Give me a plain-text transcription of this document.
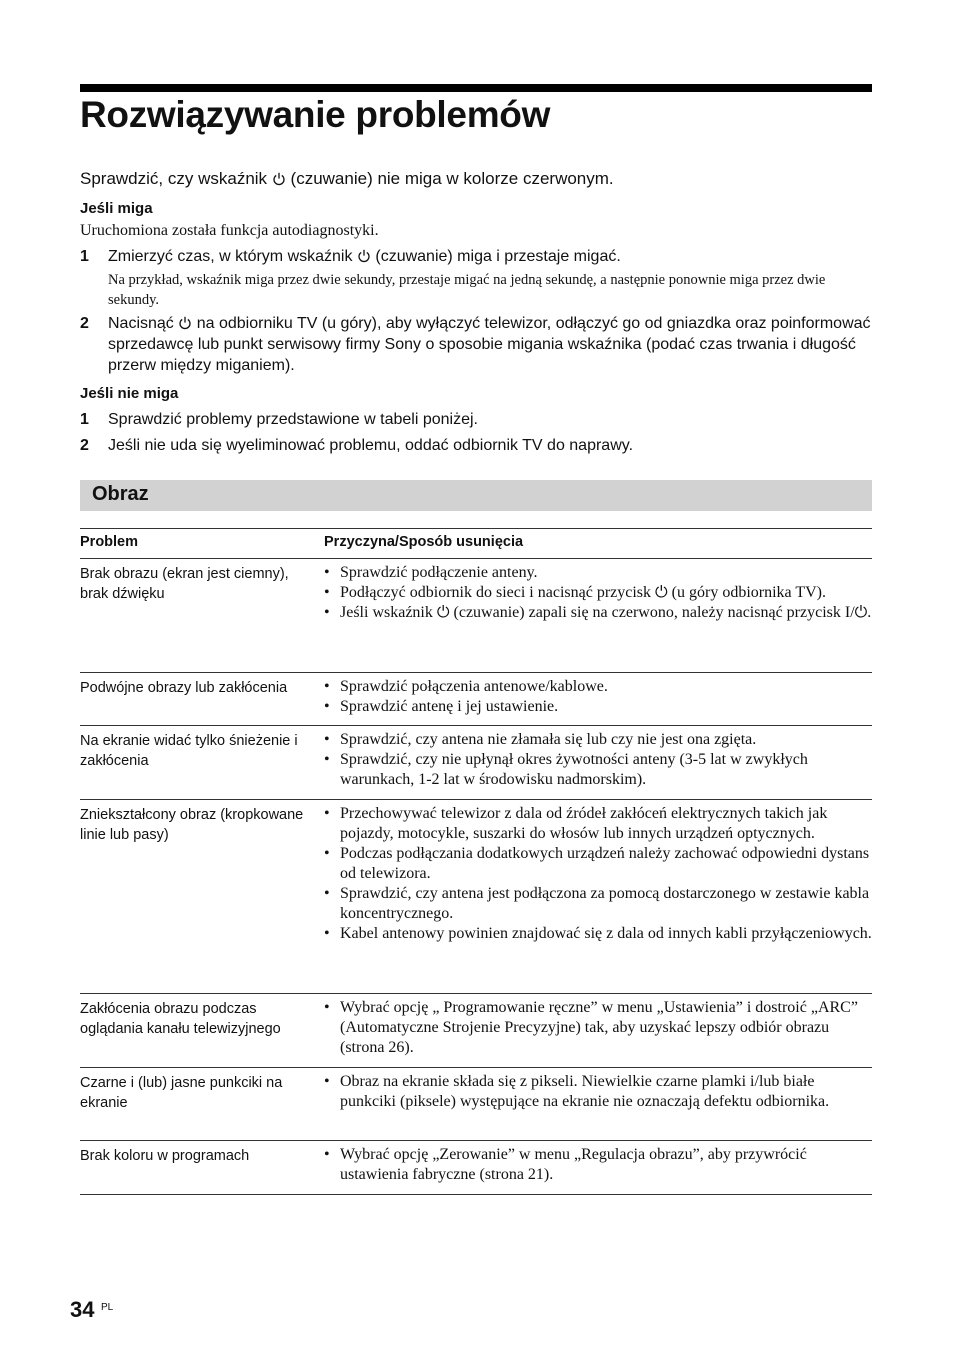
Rozwiązywanie problemów
Sprawdzić, czy wskaźnik (czuwanie) nie miga w kolorze czerwonym.
Jeśli miga
Uruchomiona została funkcja autodiagnostyki.
1 Zmierzyć czas, w którym wskaźnik (czuwanie) miga i przestaje migać.
Na przykład, wskaźnik miga przez dwie sekundy, przestaje migać na jedną sekundę, a następnie ponownie miga przez dwie sekundy.
2 Nacisnąć na odbiorniku TV (u góry), aby wyłączyć telewizor, odłączyć go od gniazdka oraz poinformować sprzedawcę lub punkt serwisowy firmy Sony o sposobie migania wskaźnika (podać czas trwania i długość przerw między miganiem).
Jeśli nie miga
1 Sprawdzić problemy przedstawione w tabeli poniżej.
2 Jeśli nie uda się wyeliminować problemu, oddać odbiornik TV do naprawy.
Obraz
Problem	Przyczyna/Sposób usunięcia
Brak obrazu (ekran jest ciemny), brak dźwięku
• Sprawdzić podłączenie anteny.
• Podłączyć odbiornik do sieci i nacisnąć przycisk ⏻ (u góry odbiornika TV).
• Jeśli wskaźnik ⏻ (czuwanie) zapali się na czerwono, należy nacisnąć przycisk I/⏻.
Podwójne obrazy lub zakłócenia	• Sprawdzić połączenia antenowe/kablowe.
• Sprawdzić antenę i jej ustawienie.
Na ekranie widać tylko śnieżenie i zakłócenia
• Sprawdzić, czy antena nie złamała się lub czy nie jest ona zgięta.
• Sprawdzić, czy nie upłynął okres żywotności anteny (3-5 lat w zwykłych warunkach, 1-2 lat w środowisku nadmorskim).
Zniekształcony obraz (kropkowane linie lub pasy)
• Przechowywać telewizor z dala od źródeł zakłóceń elektrycznych takich jak pojazdy, motocykle, suszarki do włosów lub innych urządzeń optycznych.
• Podczas podłączania dodatkowych urządzeń należy zachować odpowiedni dystans od telewizora.
• Sprawdzić, czy antena jest podłączona za pomocą dostarczonego w zestawie kabla koncentrycznego.
• Kabel antenowy powinien znajdować się z dala od innych kabli przyłączeniowych.
Zakłócenia obrazu podczas oglądania kanału telewizyjnego
• Wybrać opcję „ Programowanie ręczne” w menu „Ustawienia” i dostroić „ARC” (Automatyczne Strojenie Precyzyjne) tak, aby uzyskać lepszy odbiór obrazu (strona 26).
Czarne i (lub) jasne punkciki na ekranie
• Obraz na ekranie składa się z pikseli. Niewielkie czarne plamki i/lub białe punkciki (piksele) występujące na ekranie nie oznaczają defektu odbiornika.
Brak koloru w programach	• Wybrać opcję „Zerowanie” w menu „Regulacja obrazu”, aby przywrócić ustawienia fabryczne (strona 21).
34 PL
